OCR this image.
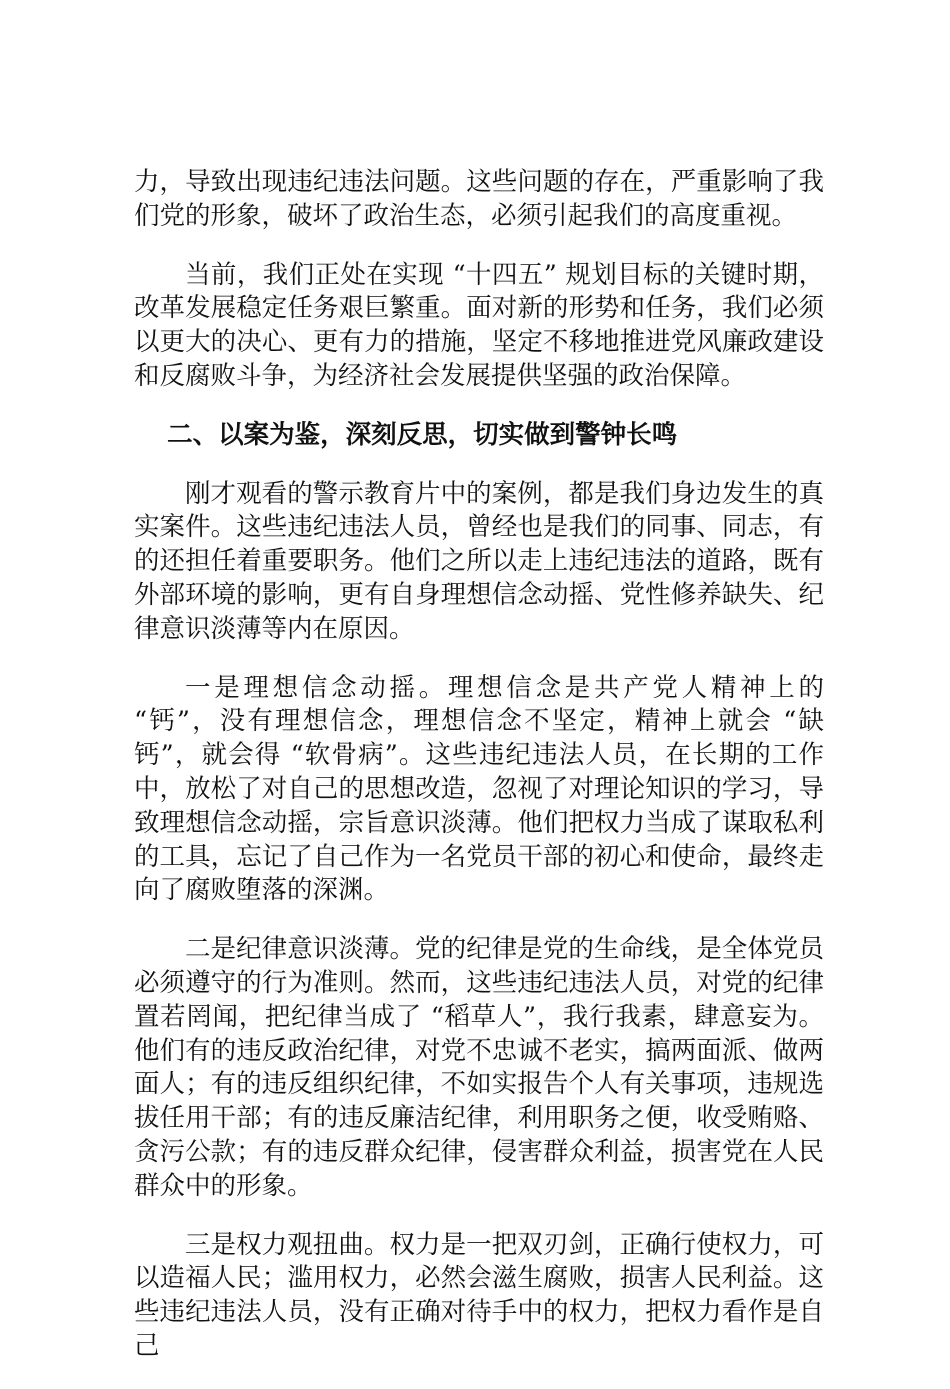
力，导致出现违纪违法问题。这些问题的存在，严重影响了我们党的形象，破坏了政治生态，必须引起我们的高度重视。

当前，我们正处在实现 “十四五” 规划目标的关键时期，改革发展稳定任务艰巨繁重。面对新的形势和任务，我们必须以更大的决心、更有力的措施，坚定不移地推进党风廉政建设和反腐败斗争，为经济社会发展提供坚强的政治保障。

二、以案为鉴，深刻反思，切实做到警钟长鸣

刚才观看的警示教育片中的案例，都是我们身边发生的真实案件。这些违纪违法人员，曾经也是我们的同事、同志，有的还担任着重要职务。他们之所以走上违纪违法的道路，既有外部环境的影响，更有自身理想信念动摇、党性修养缺失、纪律意识淡薄等内在原因。

一是理想信念动摇。理想信念是共产党人精神上的 “钙”，没有理想信念，理想信念不坚定，精神上就会 “缺钙”，就会得 “软骨病”。这些违纪违法人员，在长期的工作中，放松了对自己的思想改造，忽视了对理论知识的学习，导致理想信念动摇，宗旨意识淡薄。他们把权力当成了谋取私利的工具，忘记了自己作为一名党员干部的初心和使命，最终走向了腐败堕落的深渊。

二是纪律意识淡薄。党的纪律是党的生命线，是全体党员必须遵守的行为准则。然而，这些违纪违法人员，对党的纪律置若罔闻，把纪律当成了 “稻草人”，我行我素，肆意妄为。他们有的违反政治纪律，对党不忠诚不老实，搞两面派、做两面人；有的违反组织纪律，不如实报告个人有关事项，违规选拔任用干部；有的违反廉洁纪律，利用职务之便，收受贿赂、贪污公款；有的违反群众纪律，侵害群众利益，损害党在人民群众中的形象。

三是权力观扭曲。权力是一把双刃剑，正确行使权力，可以造福人民；滥用权力，必然会滋生腐败，损害人民利益。这些违纪违法人员，没有正确对待手中的权力，把权力看作是自己
